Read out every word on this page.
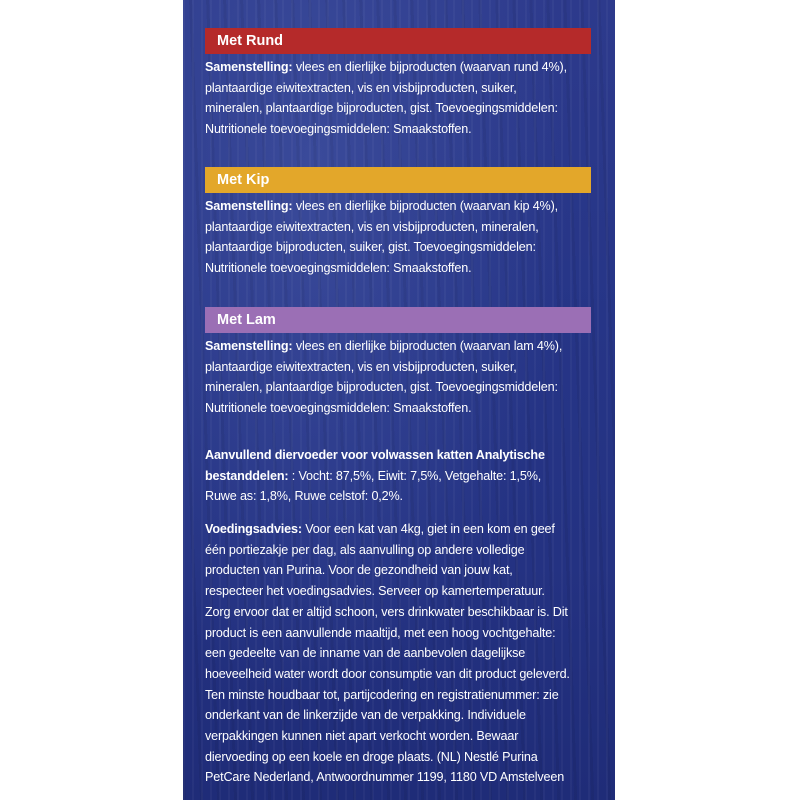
Met Rund
Samenstelling: vlees en dierlijke bijproducten (waarvan rund 4%), plantaardige eiwitextracten, vis en visbijproducten, suiker, mineralen, plantaardige bijproducten, gist. Toevoegingsmiddelen: Nutritionele toevoegingsmiddelen: Smaakstoffen.
Met Kip
Samenstelling: vlees en dierlijke bijproducten (waarvan kip 4%), plantaardige eiwitextracten, vis en visbijproducten, mineralen, plantaardige bijproducten, suiker, gist. Toevoegingsmiddelen: Nutritionele toevoegingsmiddelen: Smaakstoffen.
Met Lam
Samenstelling: vlees en dierlijke bijproducten (waarvan lam 4%), plantaardige eiwitextracten, vis en visbijproducten, suiker, mineralen, plantaardige bijproducten, gist. Toevoegingsmiddelen: Nutritionele toevoegingsmiddelen: Smaakstoffen.
Aanvullend diervoeder voor volwassen katten Analytische bestanddelen: : Vocht: 87,5%, Eiwit: 7,5%, Vetgehalte: 1,5%, Ruwe as: 1,8%, Ruwe celstof: 0,2%.
Voedingsadvies: Voor een kat van 4kg, giet in een kom en geef één portiezakje per dag, als aanvulling op andere volledige producten van Purina. Voor de gezondheid van jouw kat, respecteer het voedingsadvies. Serveer op kamertemperatuur. Zorg ervoor dat er altijd schoon, vers drinkwater beschikbaar is. Dit product is een aanvullende maaltijd, met een hoog vochtgehalte: een gedeelte van de inname van de aanbevolen dagelijkse hoeveelheid water wordt door consumptie van dit product geleverd. Ten minste houdbaar tot, partijcodering en registratienummer: zie onderkant van de linkerzijde van de verpakking. Individuele verpakkingen kunnen niet apart verkocht worden. Bewaar diervoeding op een koele en droge plaats. (NL) Nestlé Purina PetCare Nederland, Antwoordnummer 1199, 1180 VD Amstelveen
